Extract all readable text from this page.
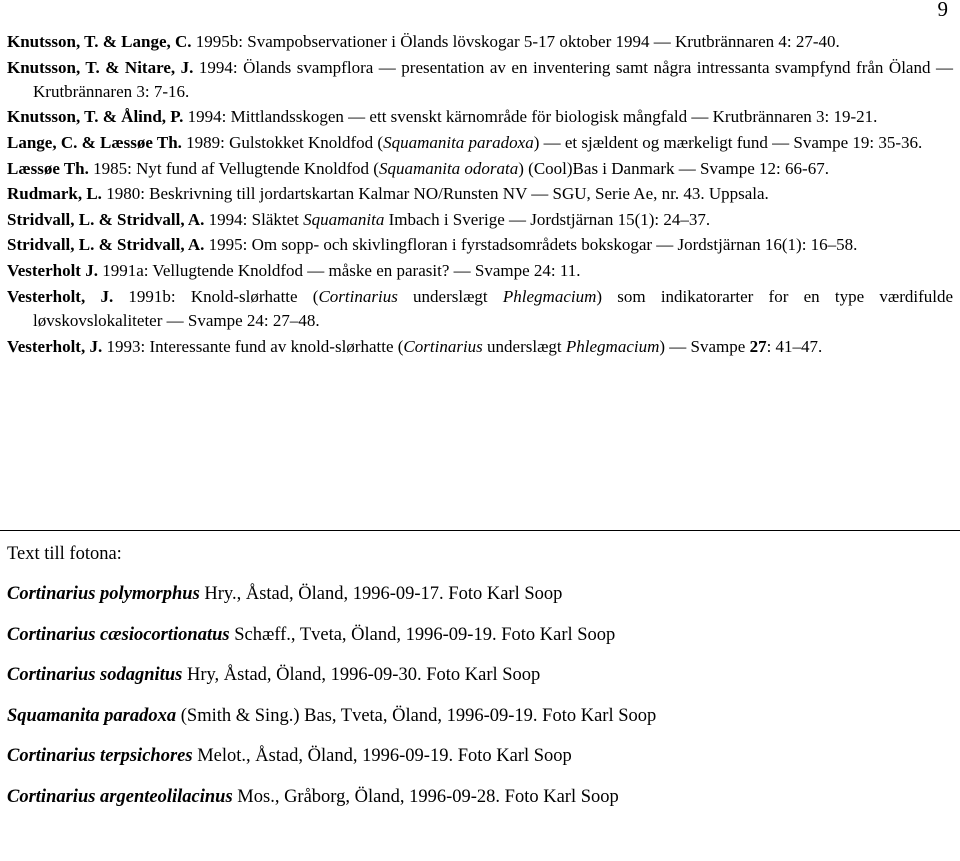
9

Knutsson, T. & Lange, C. 1995b: Svampobservationer i Ölands lövskogar 5-17 oktober 1994 — Krutbrännaren 4: 27-40.

Knutsson, T. & Nitare, J. 1994: Ölands svampflora — presentation av en inventering samt några intressanta svampfynd från Öland — Krutbrännaren 3: 7-16.

Knutsson, T. & Ålind, P. 1994: Mittlandsskogen — ett svenskt kärnområde för biologisk mångfald — Krutbrännaren 3: 19-21.

Lange, C. & Læssøe Th. 1989: Gulstokket Knoldfod (Squamanita paradoxa) — et sjældent og mærkeligt fund — Svampe 19: 35-36.

Læssøe Th. 1985: Nyt fund af Vellugtende Knoldfod (Squamanita odorata) (Cool)Bas i Danmark — Svampe 12: 66-67.

Rudmark, L. 1980: Beskrivning till jordartskartan Kalmar NO/Runsten NV — SGU, Serie Ae, nr. 43. Uppsala.

Stridvall, L. & Stridvall, A. 1994: Släktet Squamanita Imbach i Sverige — Jordstjärnan 15(1): 24–37.

Stridvall, L. & Stridvall, A. 1995: Om sopp- och skivlingfloran i fyrstadsområdets bokskogar — Jordstjärnan 16(1): 16–58.

Vesterholt J. 1991a: Vellugtende Knoldfod — måske en parasit? — Svampe 24: 11.

Vesterholt, J. 1991b: Knold-slørhatte (Cortinarius underslægt Phlegmacium) som indikatorarter for en type værdifulde løvskovslokaliteter — Svampe 24: 27–48.

Vesterholt, J. 1993: Interessante fund av knold-slørhatte (Cortinarius underslægt Phlegmacium) — Svampe 27: 41–47.

Text till fotona:
Cortinarius polymorphus Hry., Åstad, Öland, 1996-09-17. Foto Karl Soop
Cortinarius cæsiocortionatus Schæff., Tveta, Öland, 1996-09-19. Foto Karl Soop
Cortinarius sodagnitus Hry, Åstad, Öland, 1996-09-30. Foto Karl Soop
Squamanita paradoxa (Smith & Sing.) Bas, Tveta, Öland, 1996-09-19. Foto Karl Soop
Cortinarius terpsichores Melot., Åstad, Öland, 1996-09-19. Foto Karl Soop
Cortinarius argenteolilacinus Mos., Gråborg, Öland, 1996-09-28. Foto Karl Soop
